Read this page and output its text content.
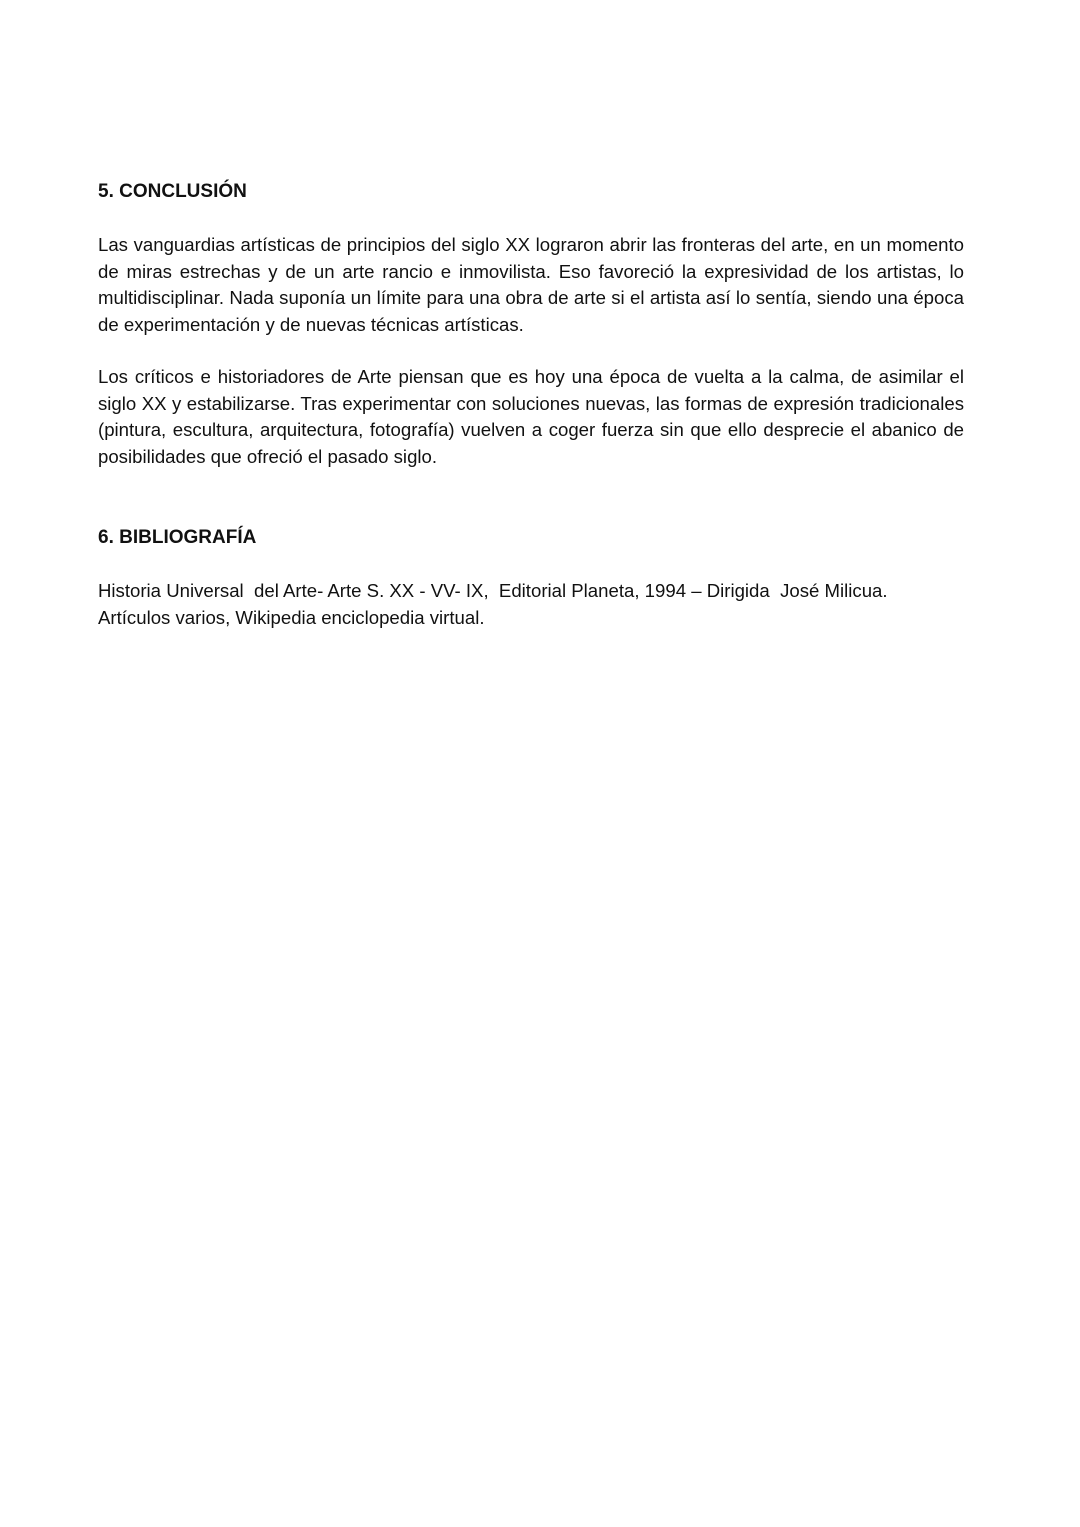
5. CONCLUSIÓN

Las vanguardias artísticas de principios del siglo XX lograron abrir las fronteras del arte, en un momento de miras estrechas y de un arte rancio e inmovilista. Eso favoreció la expresividad de los artistas, lo multidisciplinar. Nada suponía un límite para una obra de arte si el artista así lo sentía, siendo una época de experimentación y de nuevas técnicas artísticas.

Los críticos e historiadores de Arte piensan que es hoy una época de vuelta a la calma, de asimilar el siglo XX y estabilizarse. Tras experimentar con soluciones nuevas, las formas de expresión tradicionales (pintura, escultura, arquitectura, fotografía) vuelven a coger fuerza sin que ello desprecie el abanico de posibilidades que ofreció el pasado siglo.

6. BIBLIOGRAFÍA

Historia Universal  del Arte- Arte S. XX - VV- IX,  Editorial Planeta, 1994 – Dirigida  José Milicua.

Artículos varios, Wikipedia enciclopedia virtual.
